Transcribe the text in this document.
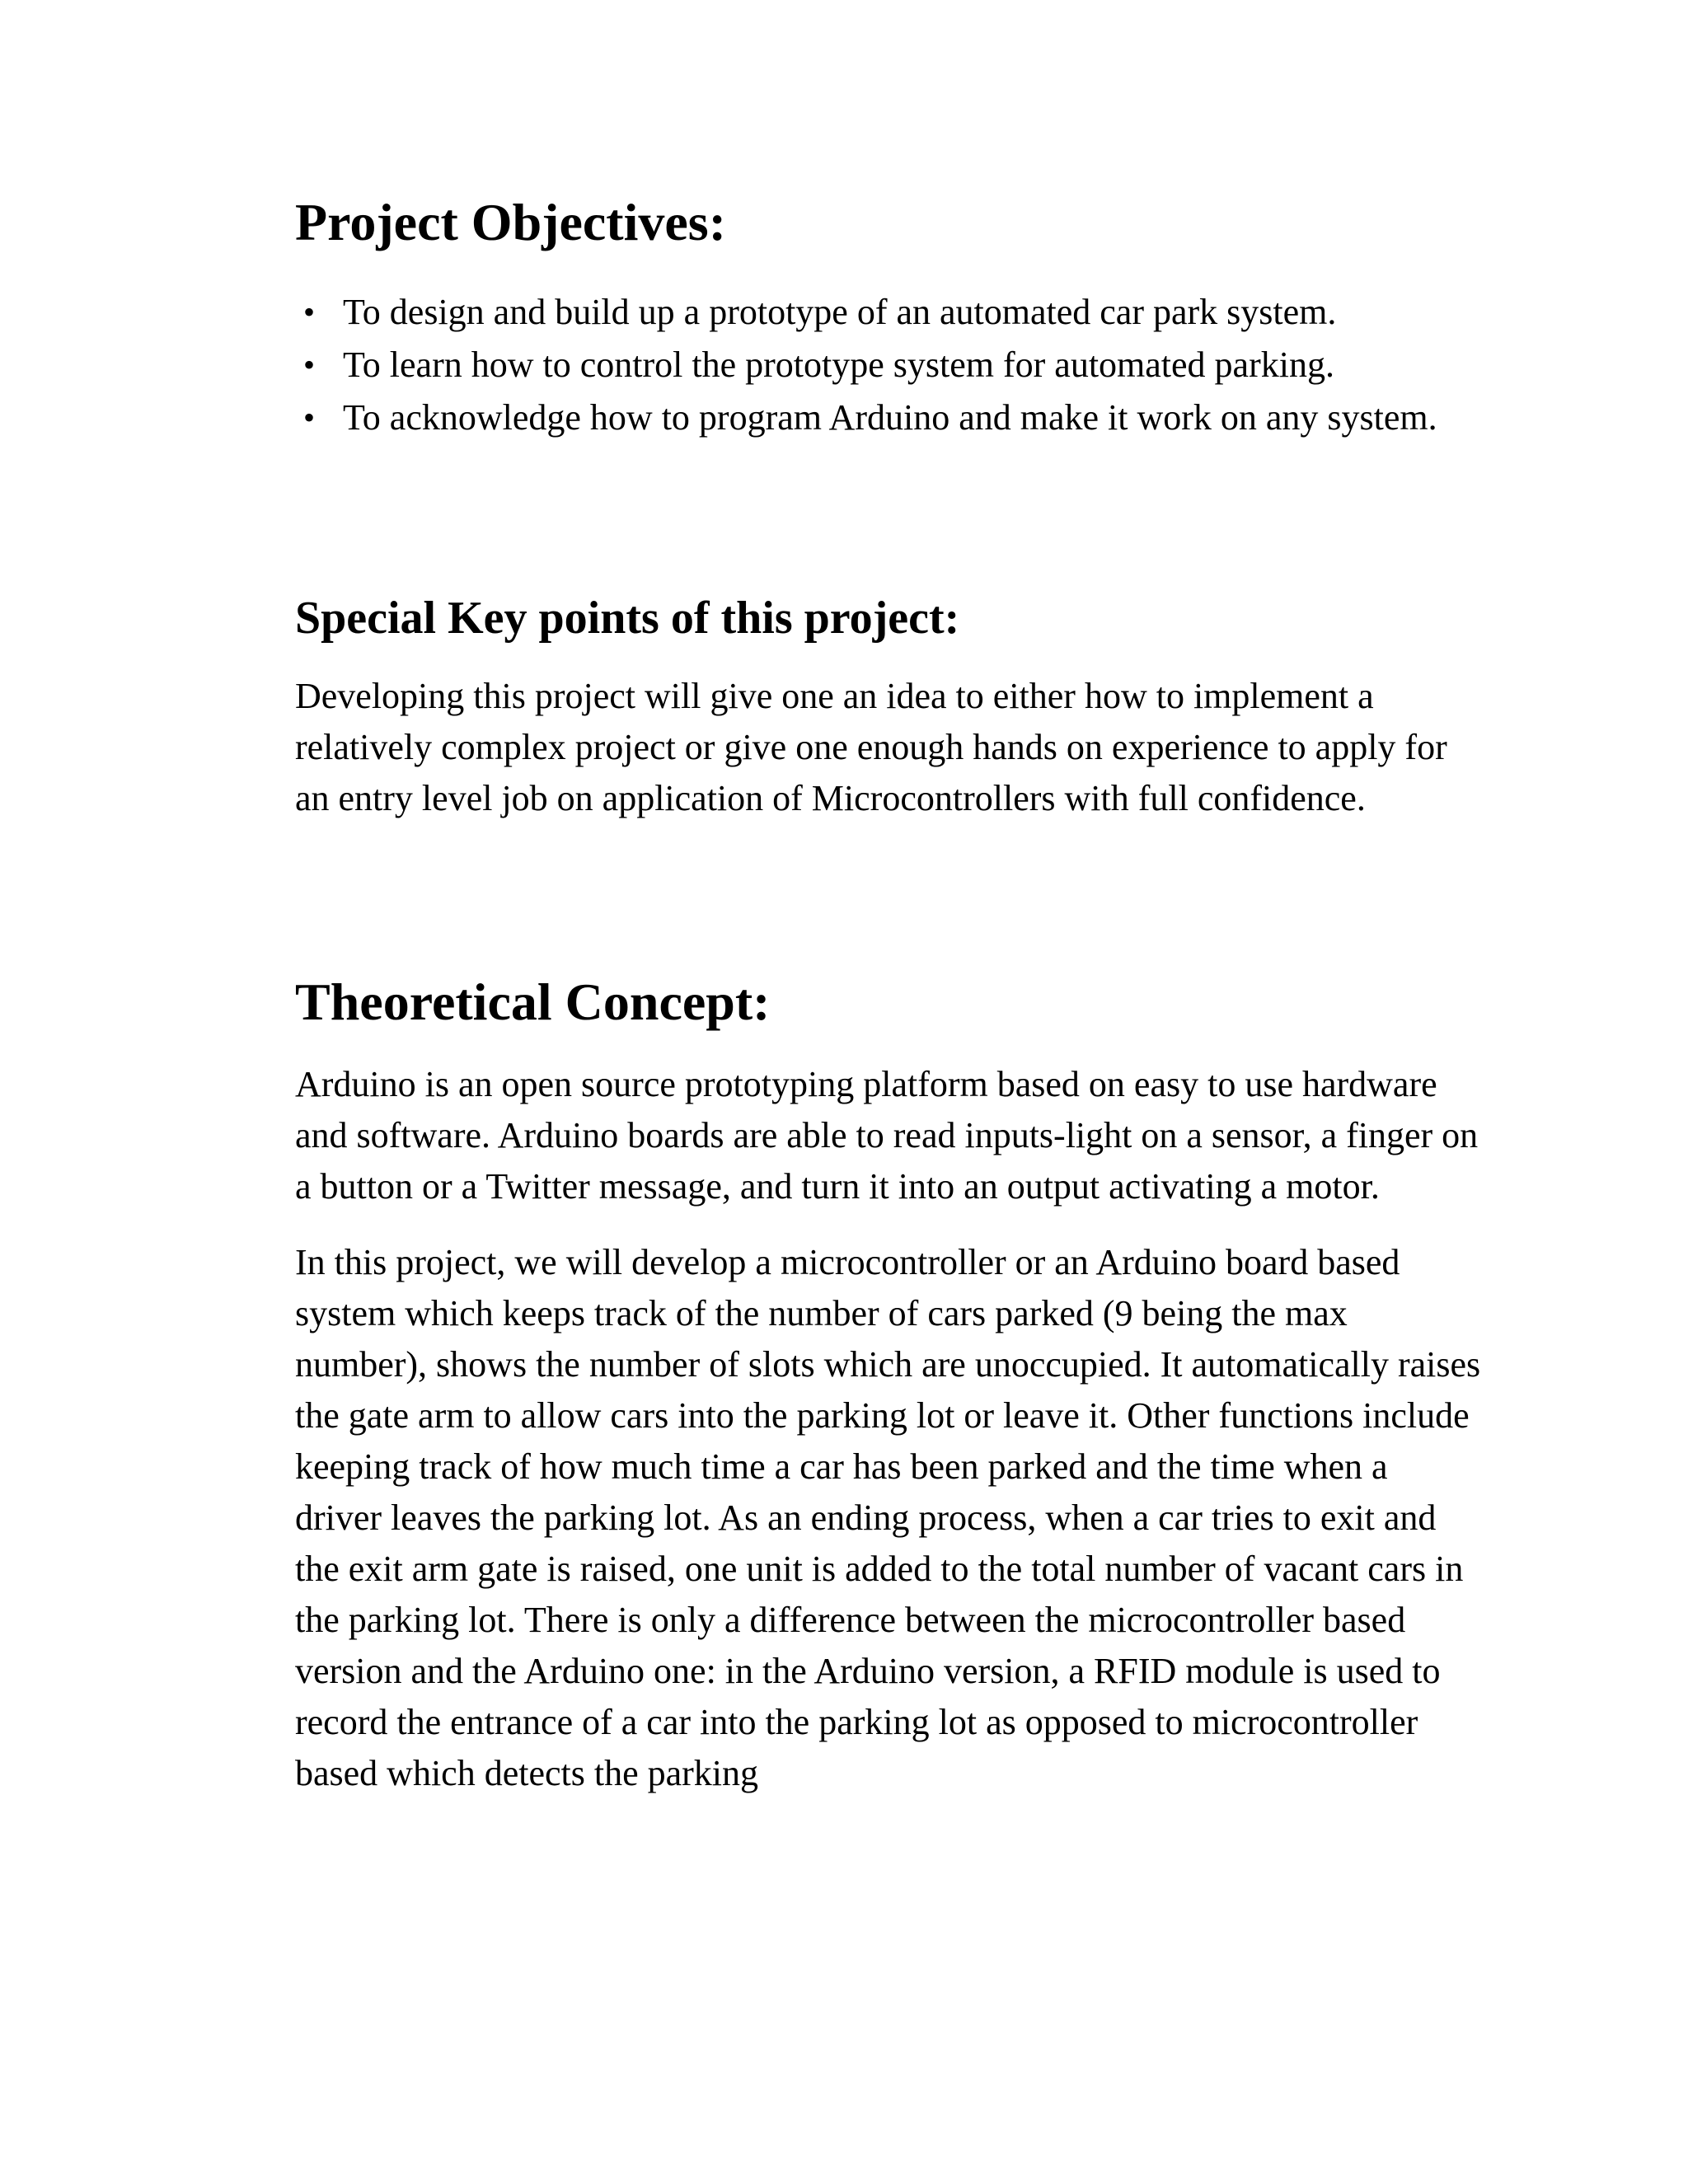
Project Objectives:
• To design and build up a prototype of an automated car park system.
• To learn how to control the prototype system for automated parking.
• To acknowledge how to program Arduino and make it work on any system.
Special Key points of this project:

Developing this project will give one an idea to either how to implement a relatively complex project or give one enough hands on experience to apply for an entry level job on application of Microcontrollers with full confidence.

Theoretical Concept:

Arduino is an open source prototyping platform based on easy to use hardware and software. Arduino boards are able to read inputs-light on a sensor, a finger on a button or a Twitter message, and turn it into an output activating a motor.

In this project, we will develop a microcontroller or an Arduino board based system which keeps track of the number of cars parked (9 being the max number), shows the number of slots which are unoccupied. It automatically raises the gate arm to allow cars into the parking lot or leave it. Other functions include keeping track of how much time a car has been parked and the time when a driver leaves the parking lot. As an ending process, when a car tries to exit and the exit arm gate is raised, one unit is added to the total number of vacant cars in the parking lot. There is only a difference between the microcontroller based version and the Arduino one: in the Arduino version, a RFID module is used to record the entrance of a car into the parking lot as opposed to microcontroller based which detects the parking
